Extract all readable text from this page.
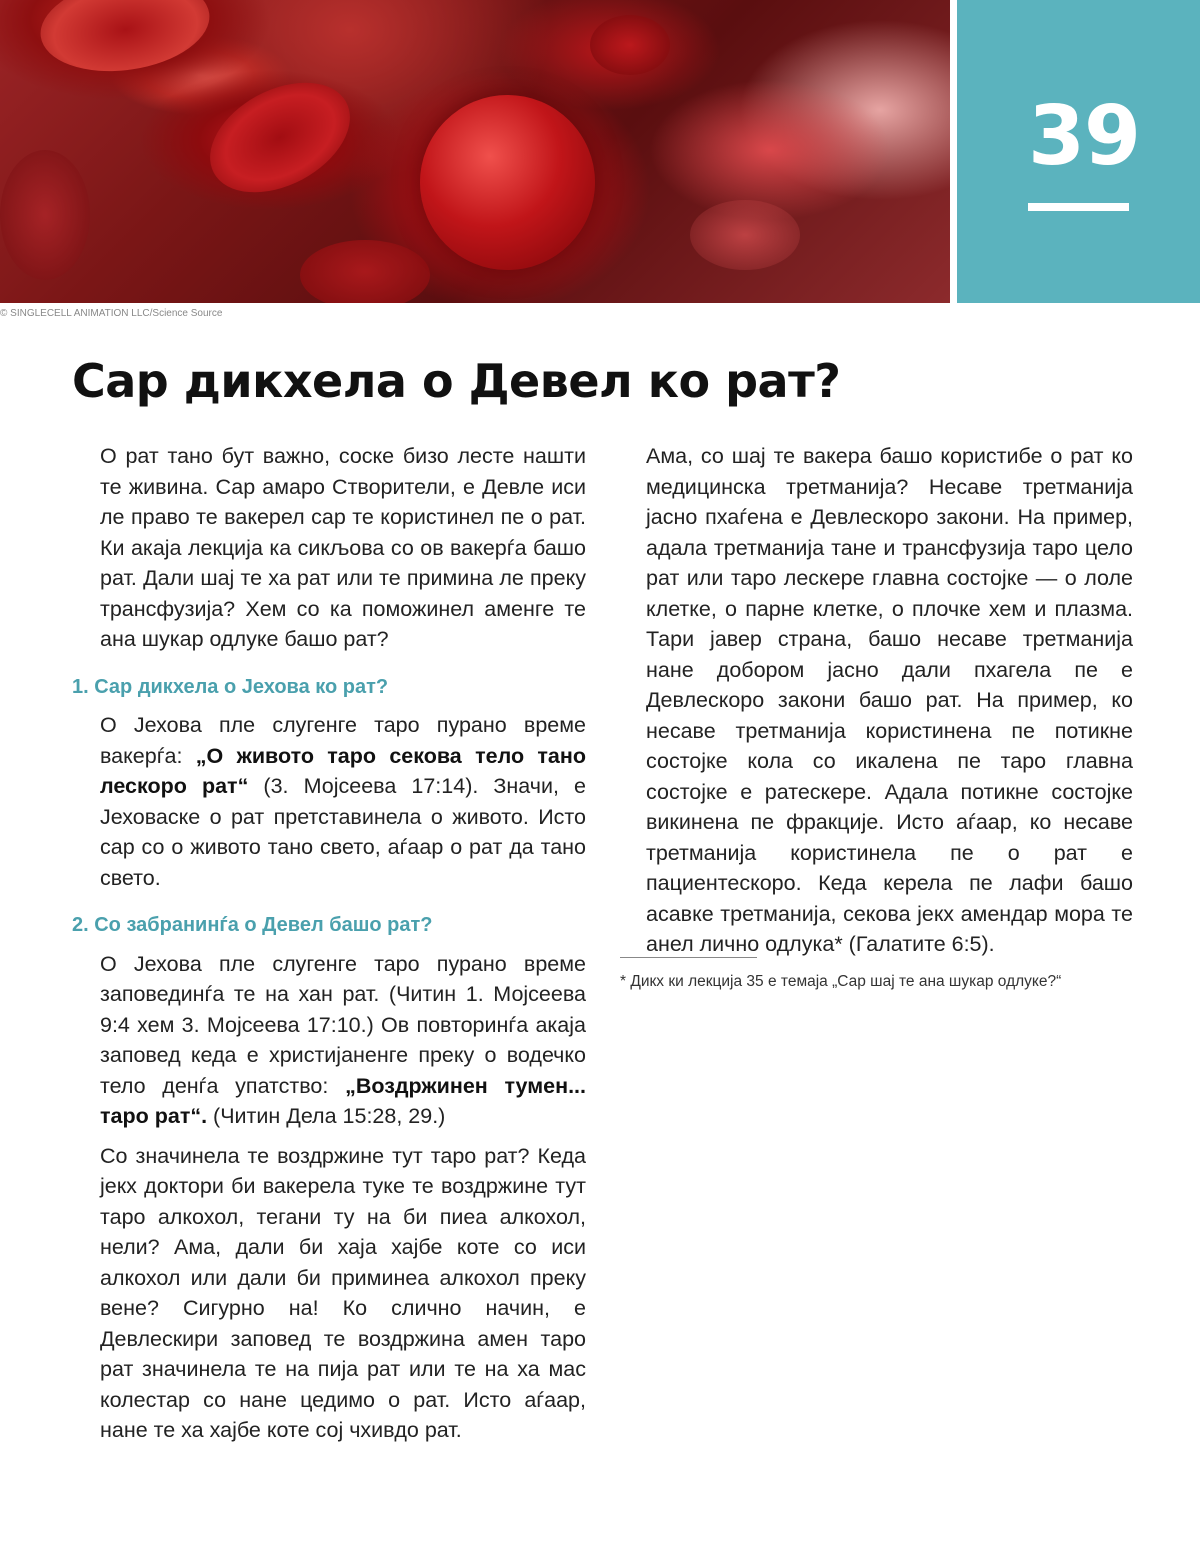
39
© SINGLECELL ANIMATION LLC/Science Source
Сар дикхела о Девел ко рат?

О рат тано бут важно, соске бизо лесте нашти те живина. Сар амаро Створители, е Девле иси ле право те вакерел сар те користинел пе о рат. Ки акаја лекција ка сикљова со ов вакерѓа башо рат. Дали шај те ха рат или те примина ле преку трансфузија? Хем со ка поможинел аменге те ана шукар одлуке башо рат?

1. Сар дикхела о Јехова ко рат?

О Јехова пле слугенге таро пурано време вакерѓа: „О живото таро секова тело тано лескоро рат“ (3. Мојсеева 17:14). Значи, е Јеховаске о рат претставинела о живото. Исто сар со о живото тано свето, аѓаар о рат да тано свето.

2. Со забранинѓа о Девел башо рат?

О Јехова пле слугенге таро пурано време заповединѓа те на хан рат. (Читин 1. Мојсеева 9:4 хем 3. Мојсеева 17:10.) Ов повторинѓа акаја заповед кеда е христијаненге преку о водечко тело денѓа упатство: „Воздржинен тумен... таро рат“. (Читин Дела 15:28, 29.)

Со значинела те воздржине тут таро рат? Кеда јекх доктори би вакерела туке те воздржине тут таро алкохол, тегани ту на би пиеа алкохол, нели? Ама, дали би хаја хајбе коте со иси алкохол или дали би приминеа алкохол преку вене? Сигурно на! Ко слично начин, е Девлескири заповед те воздржина амен таро рат значинела те на пија рат или те на ха мас колестар со нане цедимо о рат. Исто аѓаар, нане те ха хајбе коте сој чхивдо рат.

Ама, со шај те вакера башо користибе о рат ко медицинска третманија? Несаве третманија јасно пхаѓена е Девлескоро закони. На пример, адала третманија тане и трансфузија таро цело рат или таро лескере главна состојке — о лоле клетке, о парне клетке, о плочке хем и плазма. Тари јавер страна, башо несаве третманија нане добором јасно дали пхагела пе е Девлескоро закони башо рат. На пример, ко несаве третманија користинена пе потикне состојке кола со икалена пе таро главна состојке е ратескере. Адала потикне состојке викинена пе фракције. Исто аѓаар, ко несаве третманија користинела пе о рат е пациентескоро. Кеда керела пе лафи башо асавке третманија, секова јекх амендар мора те анел лично одлука* (Галатите 6:5).

* Дикх ки лекција 35 е темаја „Сар шај те ана шукар одлуке?“
